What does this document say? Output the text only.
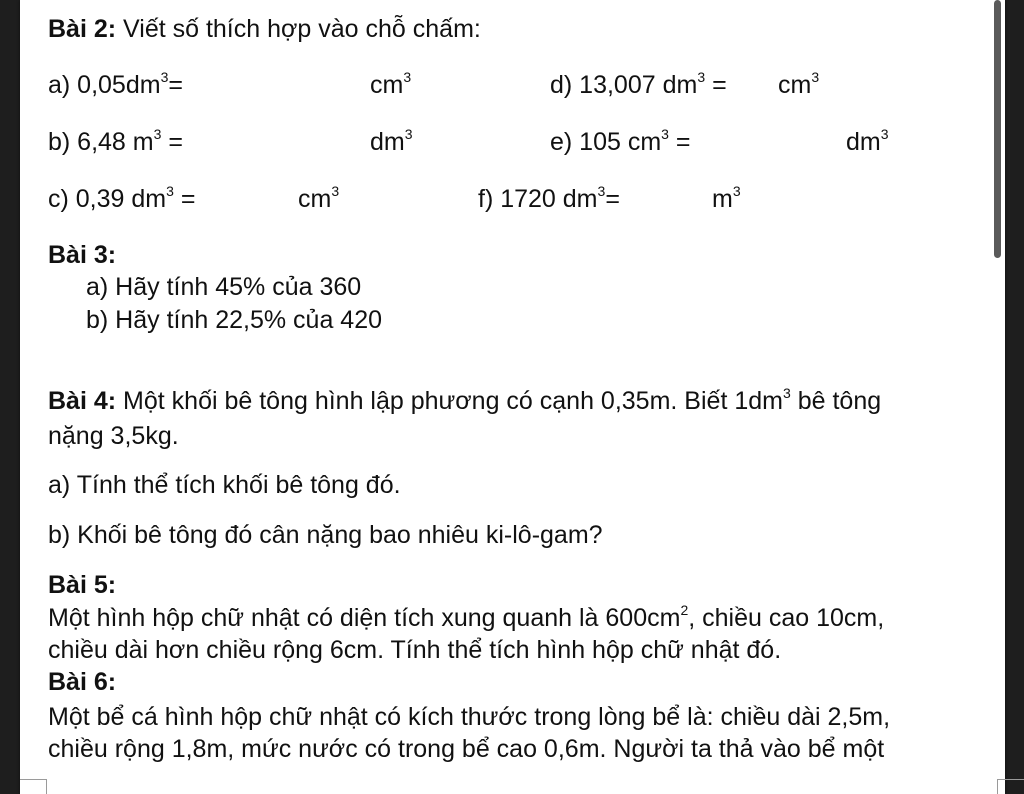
Bài 2: Viết số thích hợp vào chỗ chấm:
a) $0,05dm^3=$	$cm^3$	d) 13,007 $dm^3 = cm^3$
b) 6,48 $m^3$ =	$dm^3$	e) 105 $cm^3$ =	$dm^3$
c) 0,39 $dm^3$ =	$cm^3$	f) 1720 $dm^3=$	$m^3$
Bài 3:
a) Hãy tính 45% của 360
b) Hãy tính 22,5% của 420
Bài 4: Một khối bê tông hình lập phương có cạnh 0,35m. Biết $1dm^3$ bê tông
nặng 3,5kg.
a) Tính thể tích khối bê tông đó.
b) Khối bê tông đó cân nặng bao nhiêu ki-lô-gam?
Bài 5:
Một hình hộp chữ nhật có diện tích xung quanh là $600cm^2$, chiều cao 10cm,
chiều dài hơn chiều rộng 6cm. Tính thể tích hình hộp chữ nhật đó.
Bài 6:
Một bể cá hình hộp chữ nhật có kích thước trong lòng bể là: chiều dài 2,5m,
chiều rộng 1,8m, mức nước có trong bể cao 0,6m. Người ta thả vào bể một
